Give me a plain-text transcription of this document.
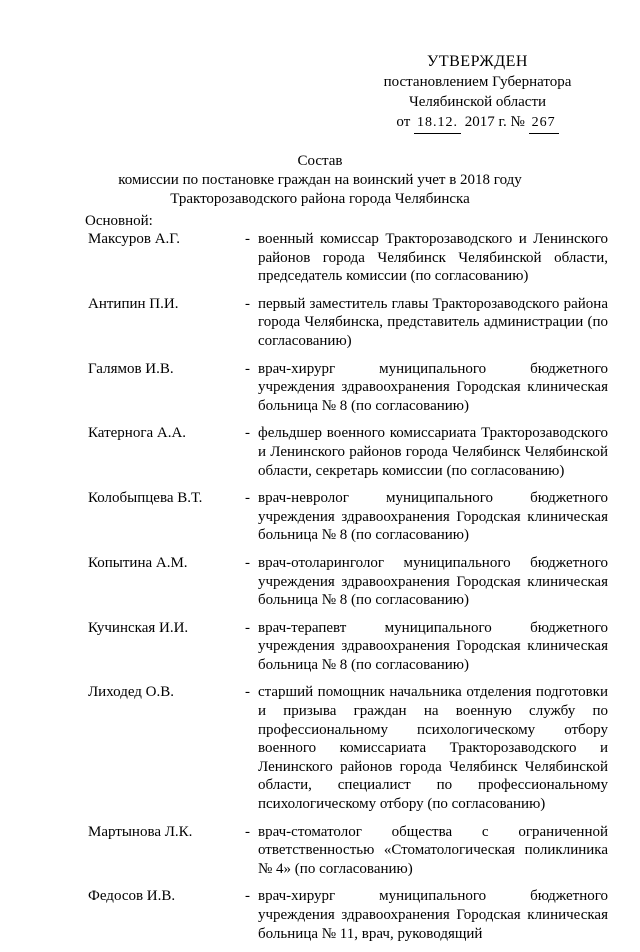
УТВЕРЖДЕН
постановлением Губернатора
Челябинской области
от 18.12. 2017 г. № 267
Состав
комиссии по постановке граждан на воинский учет в 2018 году
Тракторозаводского района города Челябинска
Основной:
Максуров А.Г.	- военный комиссар Тракторозаводского и Ленинского районов города Челябинск Челябинской области, председатель комиссии (по согласованию)
Антипин П.И.	- первый заместитель главы Тракторозаводского района города Челябинска, представитель администрации (по согласованию)
Галямов И.В.	- врач-хирург муниципального бюджетного учреждения здравоохранения Городская клиническая больница № 8 (по согласованию)
Катернога А.А.	- фельдшер военного комиссариата Тракторозаводского и Ленинского районов города Челябинск Челябинской области, секретарь комиссии (по согласованию)
Колобыпцева В.Т.	- врач-невролог муниципального бюджетного учреждения здравоохранения Городская клиническая больница № 8 (по согласованию)
Копытина А.М.	- врач-отоларинголог муниципального бюджетного учреждения здравоохранения Городская клиническая больница № 8 (по согласованию)
Кучинская И.И.	- врач-терапевт муниципального бюджетного учреждения здравоохранения Городская клиническая больница № 8 (по согласованию)
Лиходед О.В.	- старший помощник начальника отделения подготовки и призыва граждан на военную службу по профессиональному психологическому отбору военного комиссариата Тракторозаводского и Ленинского районов города Челябинск Челябинской области, специалист по профессиональному психологическому отбору (по согласованию)
Мартынова Л.К.	- врач-стоматолог общества с ограниченной ответственностью «Стоматологическая поликлиника № 4» (по согласованию)
Федосов И.В.	- врач-хирург муниципального бюджетного учреждения здравоохранения Городская клиническая больница № 11, врач, руководящий
